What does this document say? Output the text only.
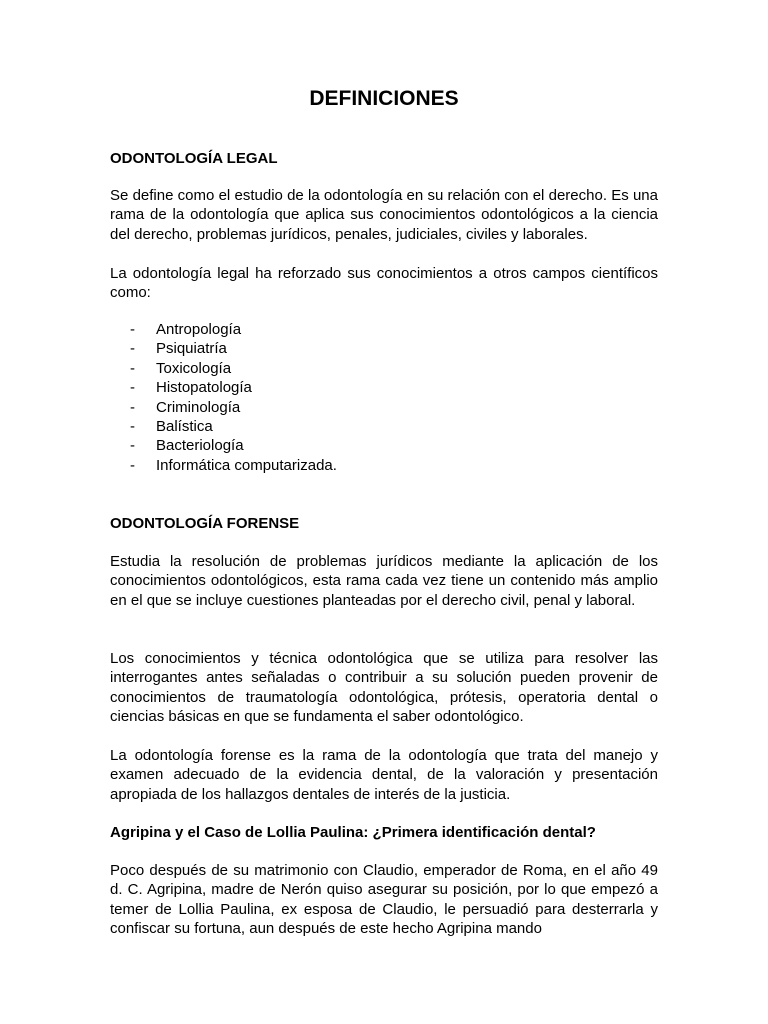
DEFINICIONES
ODONTOLOGÍA LEGAL

Se define como el estudio de la odontología en su relación con el derecho. Es una rama de la odontología que aplica sus conocimientos odontológicos a la ciencia del derecho, problemas jurídicos, penales, judiciales, civiles y laborales.

La odontología legal ha reforzado sus conocimientos a otros campos científicos como:

- Antropología
- Psiquiatría
- Toxicología
- Histopatología
- Criminología
- Balística
- Bacteriología
- Informática computarizada.
ODONTOLOGÍA FORENSE

Estudia la resolución de problemas jurídicos mediante la aplicación de los conocimientos odontológicos, esta rama cada vez tiene un contenido más amplio en el que se incluye cuestiones planteadas por el derecho civil, penal y laboral.

Los conocimientos y técnica odontológica que se utiliza para resolver las interrogantes antes señaladas o contribuir a su solución pueden provenir de conocimientos de traumatología odontológica, prótesis, operatoria dental o ciencias básicas en que se fundamenta el saber odontológico.

La odontología forense es la rama de la odontología que trata del manejo y examen adecuado de la evidencia dental, de la valoración y presentación apropiada de los hallazgos dentales de interés de la justicia.

Agripina y el Caso de Lollia Paulina: ¿Primera identificación dental?

Poco después de su matrimonio con Claudio, emperador de Roma, en el año 49 d. C. Agripina, madre de Nerón quiso asegurar su posición, por lo que empezó a temer de Lollia Paulina, ex esposa de Claudio, le persuadió para desterrarla y confiscar su fortuna, aun después de este hecho Agripina mando
